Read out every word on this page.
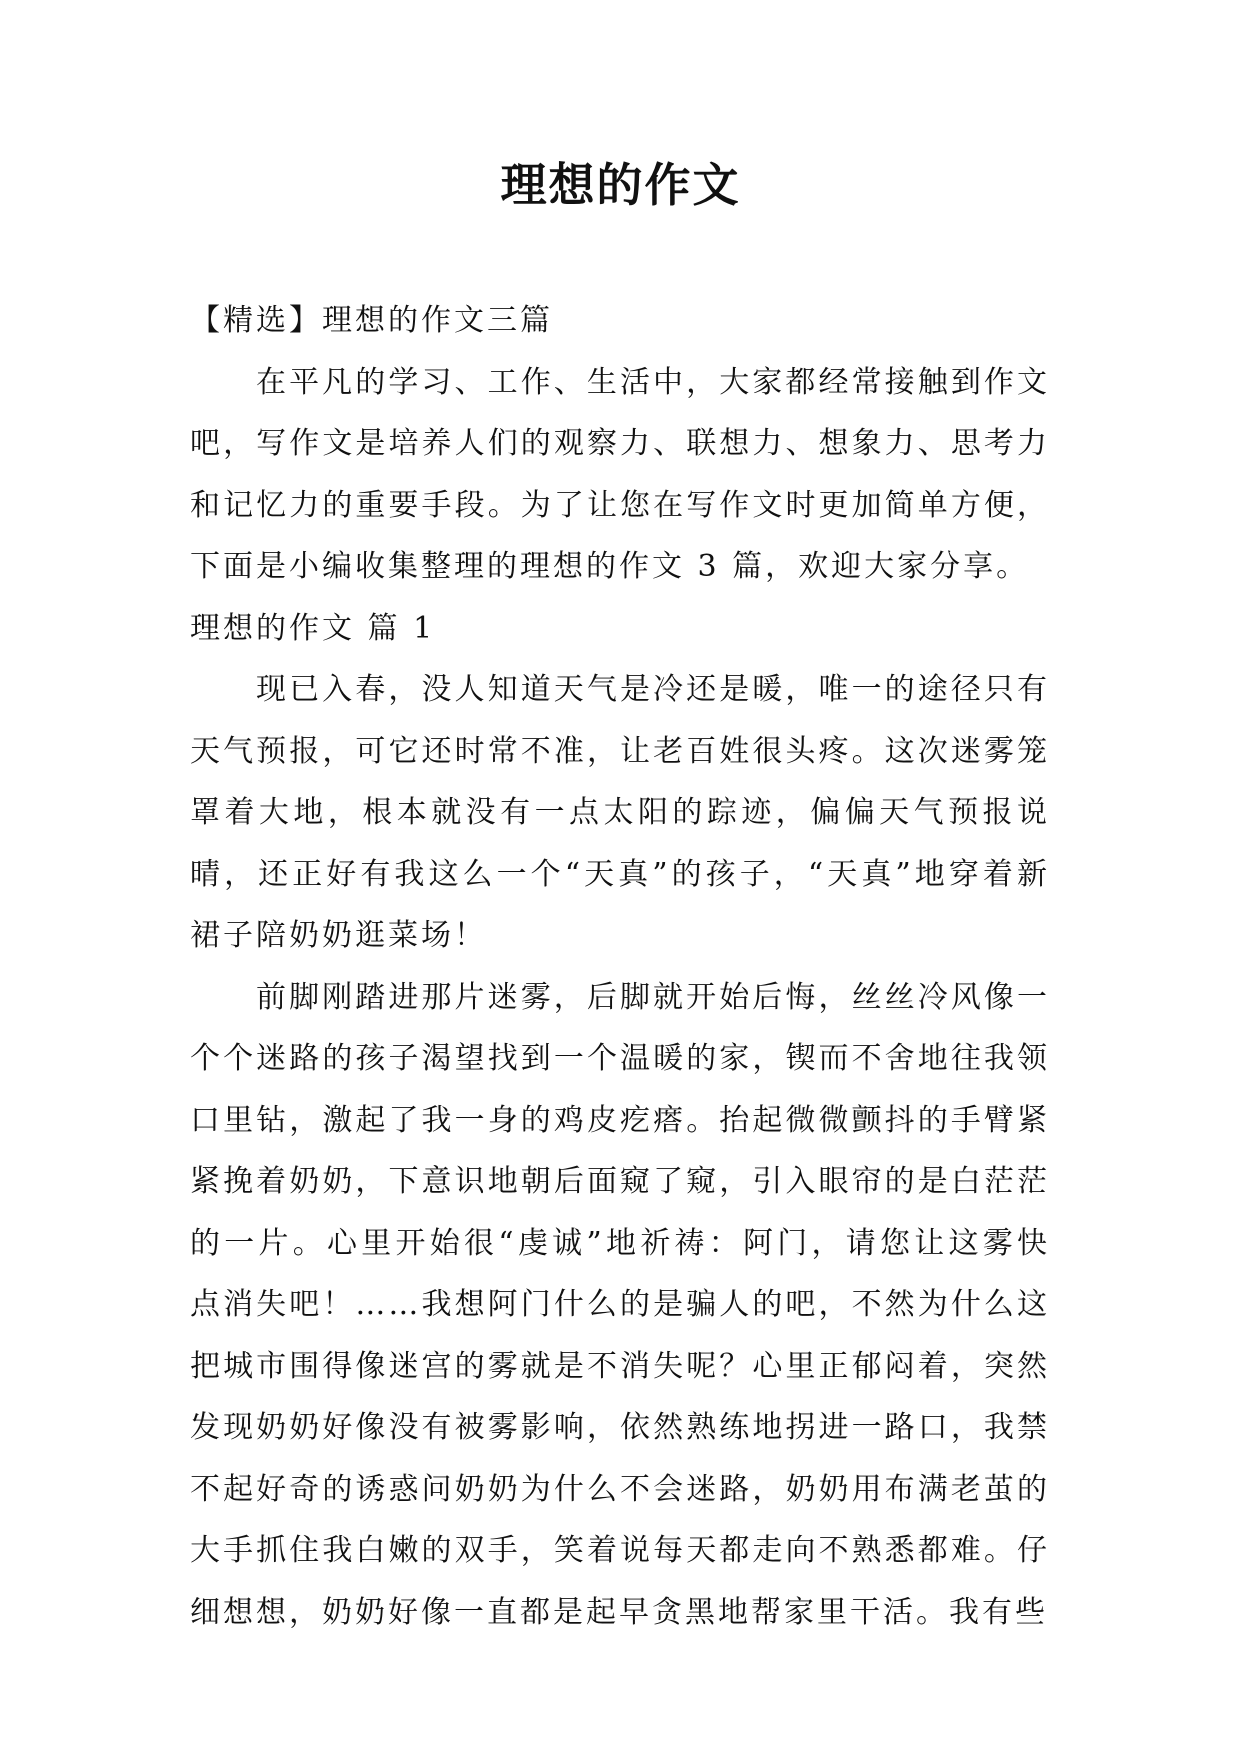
理想的作文

【精选】理想的作文三篇

在平凡的学习、工作、生活中，大家都经常接触到作文吧，写作文是培养人们的观察力、联想力、想象力、思考力和记忆力的重要手段。为了让您在写作文时更加简单方便，下面是小编收集整理的理想的作文 3 篇，欢迎大家分享。

理想的作文 篇 1

现已入春，没人知道天气是冷还是暖，唯一的途径只有天气预报，可它还时常不准，让老百姓很头疼。这次迷雾笼罩着大地，根本就没有一点太阳的踪迹，偏偏天气预报说晴，还正好有我这么一个“天真”的孩子，“天真”地穿着新裙子陪奶奶逛菜场！

前脚刚踏进那片迷雾，后脚就开始后悔，丝丝冷风像一个个迷路的孩子渴望找到一个温暖的家，锲而不舍地往我领口里钻，激起了我一身的鸡皮疙瘩。抬起微微颤抖的手臂紧紧挽着奶奶，下意识地朝后面窥了窥，引入眼帘的是白茫茫的一片。心里开始很“虔诚”地祈祷：阿门，请您让这雾快点消失吧！……我想阿门什么的是骗人的吧，不然为什么这把城市围得像迷宫的雾就是不消失呢？心里正郁闷着，突然发现奶奶好像没有被雾影响，依然熟练地拐进一路口，我禁不起好奇的诱惑问奶奶为什么不会迷路，奶奶用布满老茧的大手抓住我白嫩的双手，笑着说每天都走向不熟悉都难。仔细想想，奶奶好像一直都是起早贪黑地帮家里干活。我有些
